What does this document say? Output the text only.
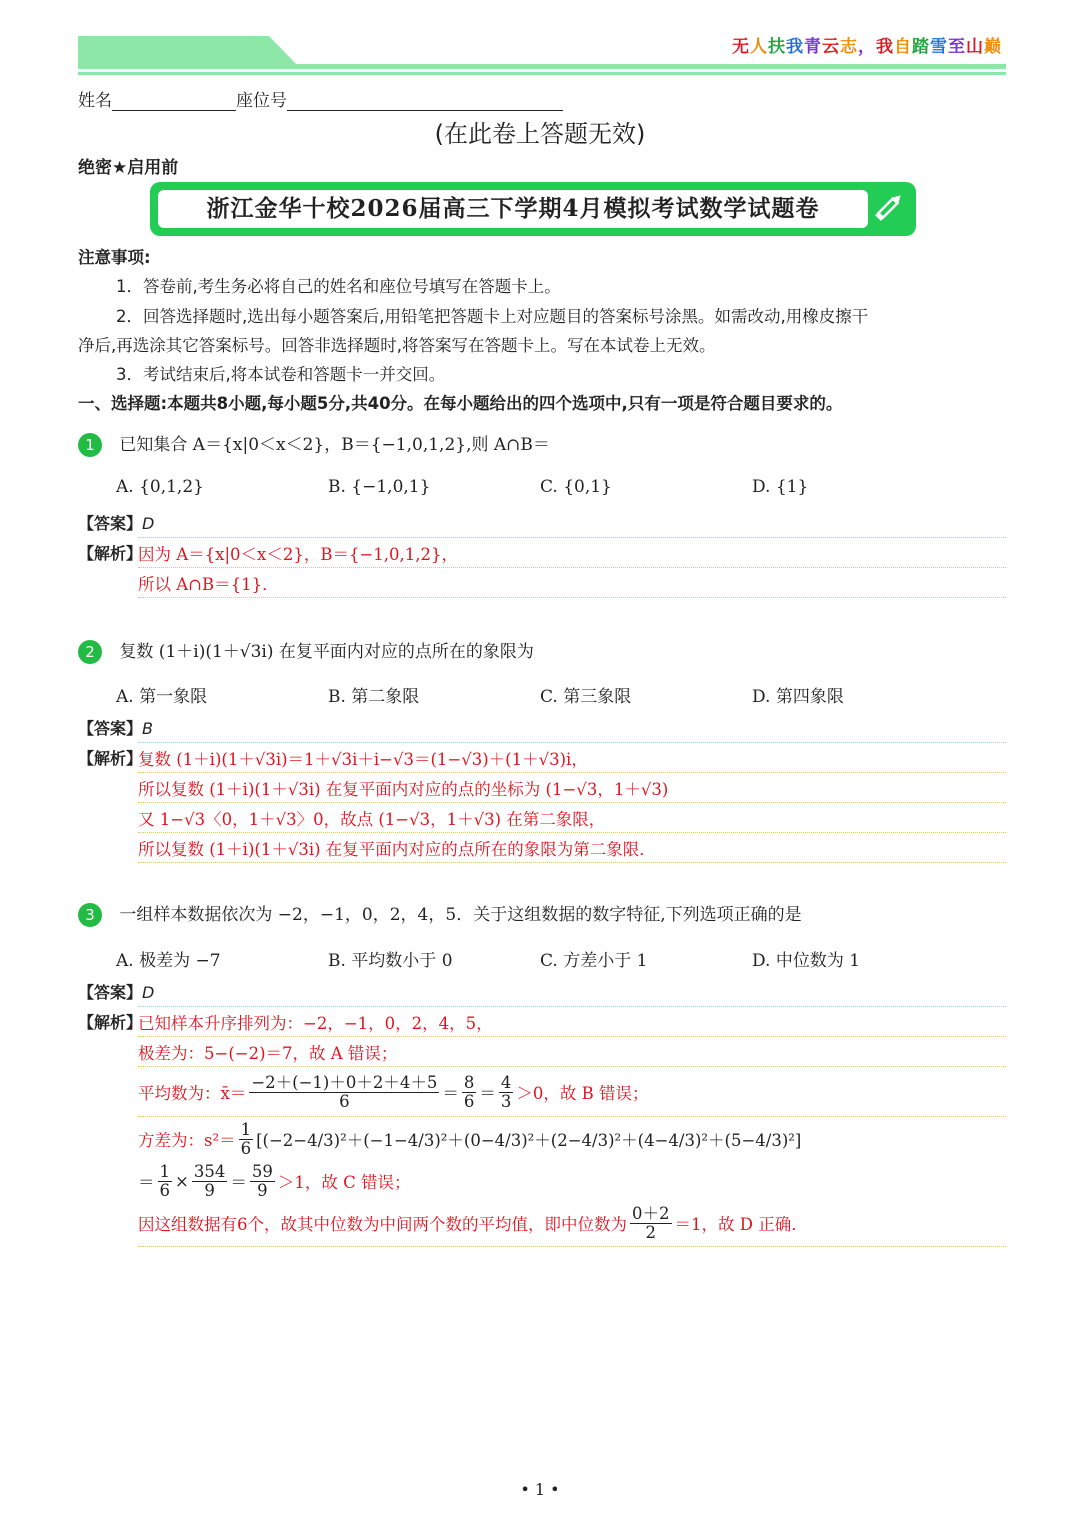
无人扶我青云志，我自踏雪至山巅
姓名	座位号
(在此卷上答题无效)
绝密★启用前
浙江金华十校2026届高三下学期4月模拟考试数学试题卷
注意事项:
1．答卷前,考生务必将自己的姓名和座位号填写在答题卡上。
2．回答选择题时,选出每小题答案后,用铅笔把答题卡上对应题目的答案标号涂黑。如需改动,用橡皮擦干
净后,再选涂其它答案标号。回答非选择题时,将答案写在答题卡上。写在本试卷上无效。
3．考试结束后,将本试卷和答题卡一并交回。
一、选择题:本题共8小题,每小题5分,共40分。在每小题给出的四个选项中,只有一项是符合题目要求的。
1 已知集合 A＝{x|0＜x＜2}，B＝{−1,0,1,2},则 A∩B＝
A. {0,1,2}	B. {−1,0,1}	C. {0,1}	D. {1}
【答案】D
【解析】
因为 A＝{x|0＜x＜2}，B＝{−1,0,1,2}，
所以 A∩B＝{1}．
2 复数 (1＋i)(1＋√3i) 在复平面内对应的点所在的象限为
A. 第一象限	B. 第二象限	C. 第三象限	D. 第四象限
【答案】B
【解析】
复数 (1＋i)(1＋√3i)＝1＋√3i＋i−√3＝(1−√3)＋(1＋√3)i，
所以复数 (1＋i)(1＋√3i) 在复平面内对应的点的坐标为 (1−√3，1＋√3)
又 1−√3〈0，1＋√3〉0，故点 (1−√3，1＋√3) 在第二象限，
所以复数 (1＋i)(1＋√3i) 在复平面内对应的点所在的象限为第二象限．
3 一组样本数据依次为 −2，−1，0，2，4，5．关于这组数据的数字特征,下列选项正确的是
A. 极差为 −7	B. 平均数小于 0	C. 方差小于 1	D. 中位数为 1
【答案】D
【解析】
已知样本升序排列为：−2，−1，0，2，4，5，
极差为：5−(−2)＝7，故 A 错误；
平均数为：x̄＝ $\frac{-2+(-1)+0+2+4+5}{6} = \frac{8}{6} = \frac{4}{3} >0$，故 B 错误；
方差为：$s^2= \frac{1}{6} [(-2-4/3)^2+(-1-4/3)^2+(0-4/3)^2+(2-4/3)^2+(4-4/3)^2+(5-4/3)^2]$
＝ $\frac{1}{6} \times \frac{354}{9} = \frac{59}{9} >1$，故 C 错误；
因这组数据有6个，故其中位数为中间两个数的平均值，即中位数为 $\frac{0+2}{2} =1$，故 D 正确．
• 1 •
